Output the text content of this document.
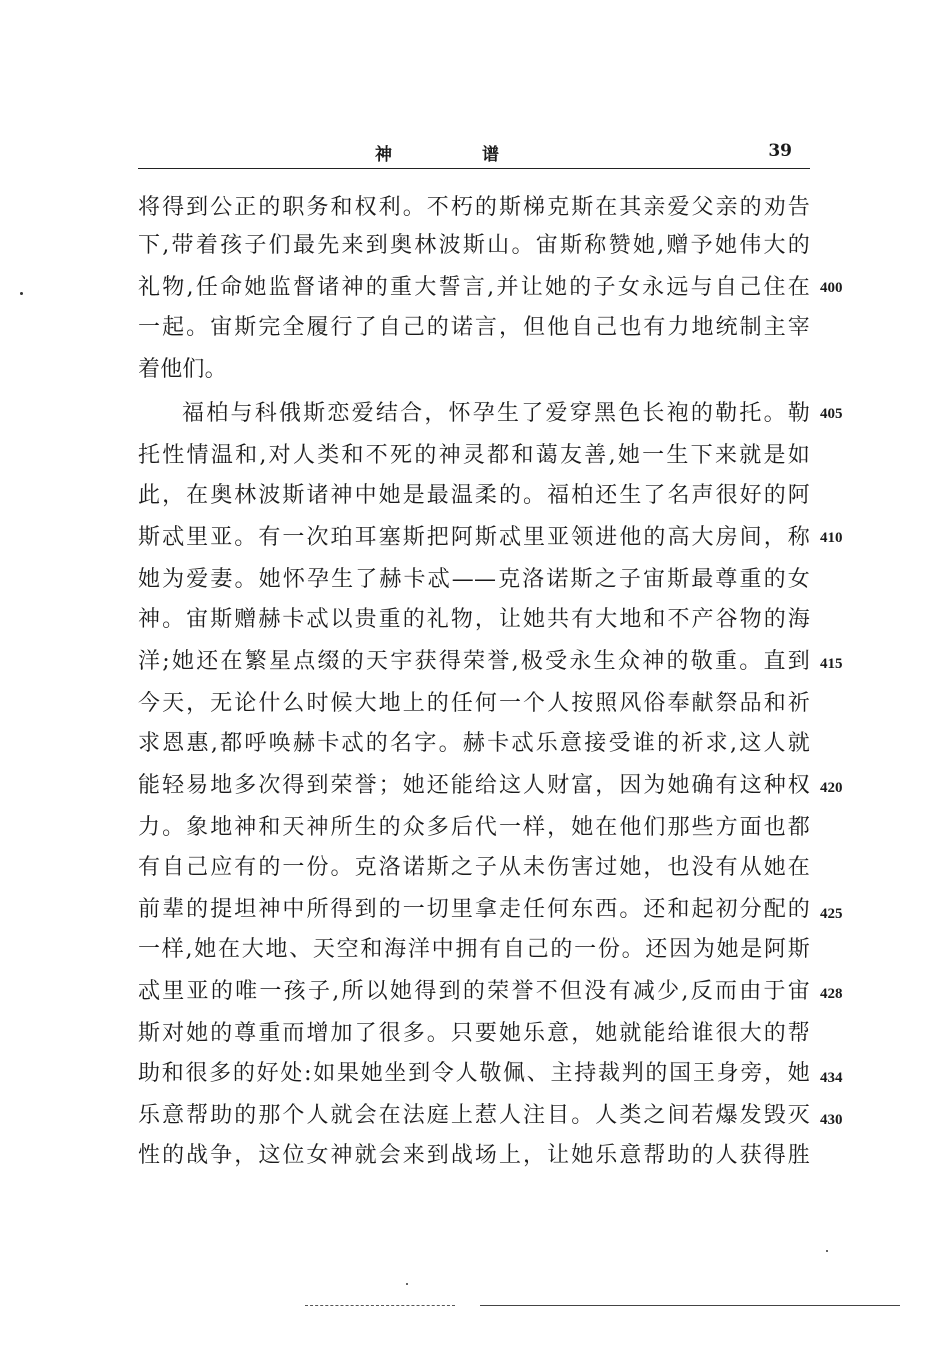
神 谱	39
将得到公正的职务和权利。不朽的斯梯克斯在其亲爱父亲的劝告
下,带着孩子们最先来到奥林波斯山。宙斯称赞她,赠予她伟大的
礼物,任命她监督诸神的重大誓言,并让她的子女永远与自己住在
一起。宙斯完全履行了自己的诺言，但他自己也有力地统制主宰
着他们。
福柏与科俄斯恋爱结合，怀孕生了爱穿黑色长袍的勒托。勒
托性情温和,对人类和不死的神灵都和蔼友善,她一生下来就是如
此，在奥林波斯诸神中她是最温柔的。福柏还生了名声很好的阿
斯忒里亚。有一次珀耳塞斯把阿斯忒里亚领进他的高大房间，称
她为爱妻。她怀孕生了赫卡忒——克洛诺斯之子宙斯最尊重的女
神。宙斯赠赫卡忒以贵重的礼物，让她共有大地和不产谷物的海
洋;她还在繁星点缀的天宇获得荣誉,极受永生众神的敬重。直到
今天，无论什么时候大地上的任何一个人按照风俗奉献祭品和祈
求恩惠,都呼唤赫卡忒的名字。赫卡忒乐意接受谁的祈求,这人就
能轻易地多次得到荣誉；她还能给这人财富，因为她确有这种权
力。象地神和天神所生的众多后代一样，她在他们那些方面也都
有自己应有的一份。克洛诺斯之子从未伤害过她，也没有从她在
前辈的提坦神中所得到的一切里拿走任何东西。还和起初分配的
一样,她在大地、天空和海洋中拥有自己的一份。还因为她是阿斯
忒里亚的唯一孩子,所以她得到的荣誉不但没有减少,反而由于宙
斯对她的尊重而增加了很多。只要她乐意，她就能给谁很大的帮
助和很多的好处:如果她坐到令人敬佩、主持裁判的国王身旁，她
乐意帮助的那个人就会在法庭上惹人注目。人类之间若爆发毁灭
性的战争，这位女神就会来到战场上，让她乐意帮助的人获得胜
400
405
410
415
420
425
428
434
430
